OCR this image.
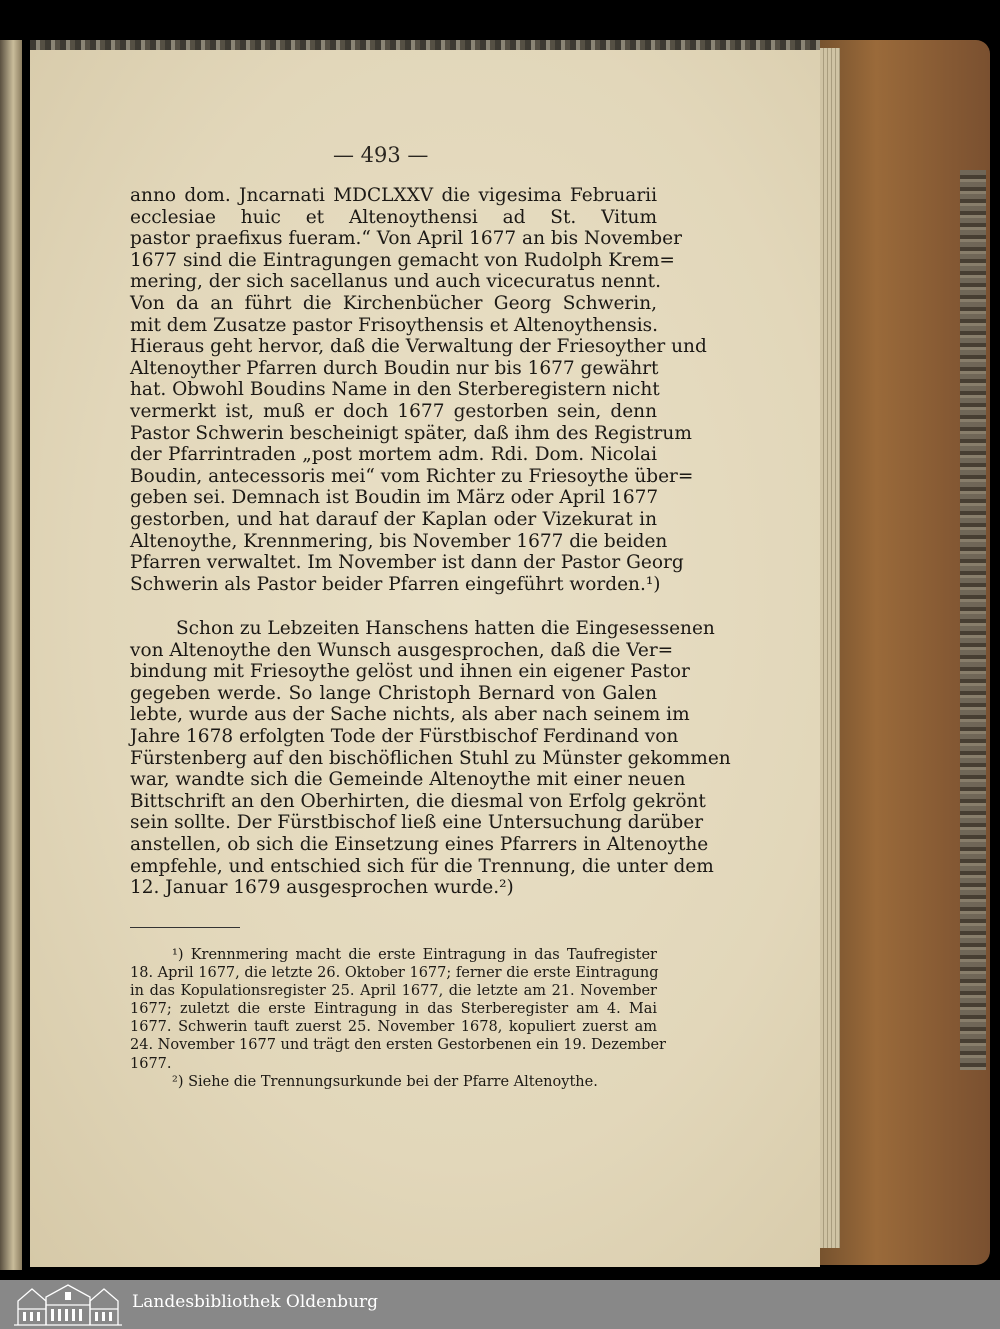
— 493 —
anno dom. Jncarnati MDCLXXV die vigesima Februarii
ecclesiae huic et Altenoythensi ad St. Vitum
pastor praefixus fueram.“ Von April 1677 an bis November
1677 sind die Eintragungen gemacht von Rudolph Krem=
mering, der sich sacellanus und auch vicecuratus nennt.
Von da an führt die Kirchenbücher Georg Schwerin,
mit dem Zusatze pastor Frisoythensis et Altenoythensis.
Hieraus geht hervor, daß die Verwaltung der Friesoyther und
Altenoyther Pfarren durch Boudin nur bis 1677 gewährt
hat. Obwohl Boudins Name in den Sterberegistern nicht
vermerkt ist, muß er doch 1677 gestorben sein, denn
Pastor Schwerin bescheinigt später, daß ihm des Registrum
der Pfarrintraden „post mortem adm. Rdi. Dom. Nicolai
Boudin, antecessoris mei“ vom Richter zu Friesoythe über=
geben sei. Demnach ist Boudin im März oder April 1677
gestorben, und hat darauf der Kaplan oder Vizekurat in
Altenoythe, Krennmering, bis November 1677 die beiden
Pfarren verwaltet. Im November ist dann der Pastor Georg
Schwerin als Pastor beider Pfarren eingeführt worden.¹)
Schon zu Lebzeiten Hanschens hatten die Eingesessenen
von Altenoythe den Wunsch ausgesprochen, daß die Ver=
bindung mit Friesoythe gelöst und ihnen ein eigener Pastor
gegeben werde. So lange Christoph Bernard von Galen
lebte, wurde aus der Sache nichts, als aber nach seinem im
Jahre 1678 erfolgten Tode der Fürstbischof Ferdinand von
Fürstenberg auf den bischöflichen Stuhl zu Münster gekommen
war, wandte sich die Gemeinde Altenoythe mit einer neuen
Bittschrift an den Oberhirten, die diesmal von Erfolg gekrönt
sein sollte. Der Fürstbischof ließ eine Untersuchung darüber
anstellen, ob sich die Einsetzung eines Pfarrers in Altenoythe
empfehle, und entschied sich für die Trennung, die unter dem
12. Januar 1679 ausgesprochen wurde.²)
¹) Krennmering macht die erste Eintragung in das Taufregister
18. April 1677, die letzte 26. Oktober 1677; ferner die erste Eintragung
in das Kopulationsregister 25. April 1677, die letzte am 21. November
1677; zuletzt die erste Eintragung in das Sterberegister am 4. Mai
1677. Schwerin tauft zuerst 25. November 1678, kopuliert zuerst am
24. November 1677 und trägt den ersten Gestorbenen ein 19. Dezember
1677.
²) Siehe die Trennungsurkunde bei der Pfarre Altenoythe.
Landesbibliothek Oldenburg
